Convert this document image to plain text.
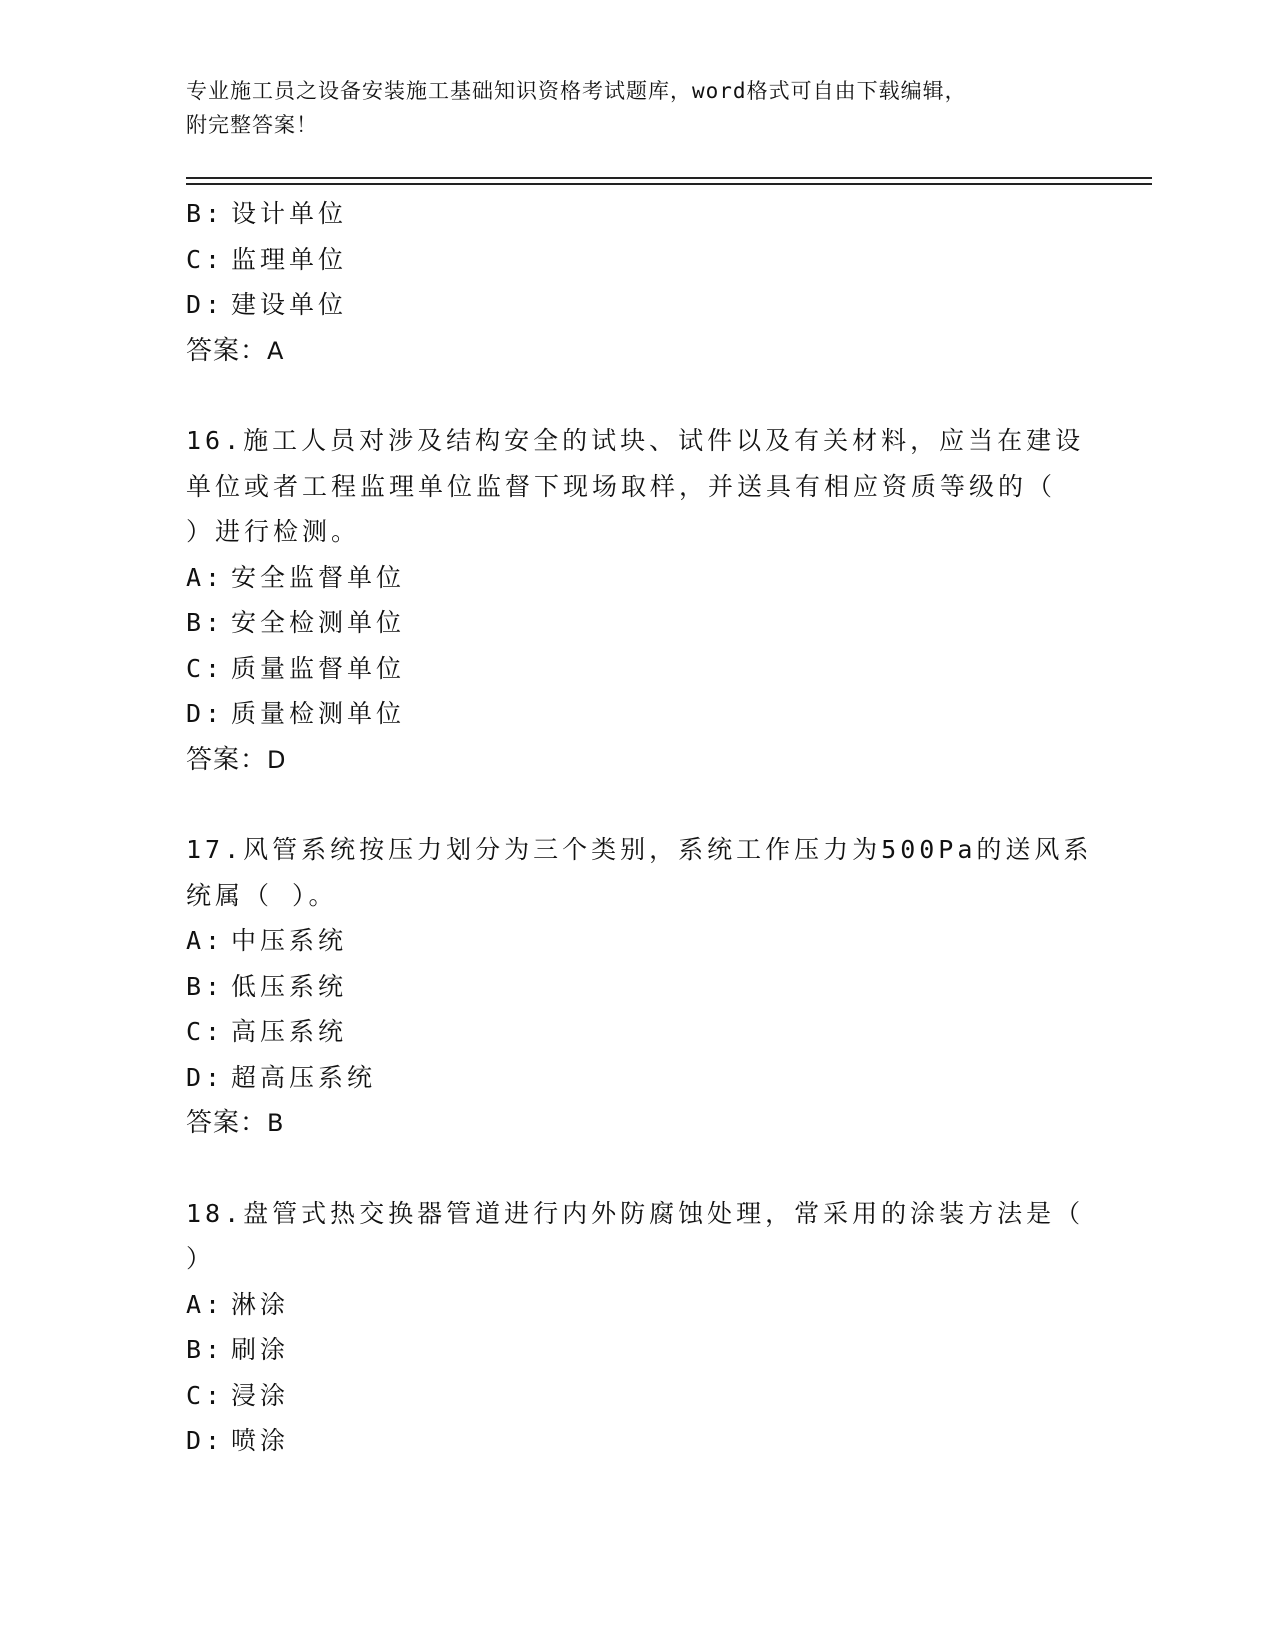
专业施工员之设备安装施工基础知识资格考试题库，word格式可自由下载编辑，
附完整答案！
B: 设计单位
C: 监理单位
D: 建设单位
答案：A
16.施工人员对涉及结构安全的试块、试件以及有关材料，应当在建设
单位或者工程监理单位监督下现场取样，并送具有相应资质等级的（
）进行检测。
A: 安全监督单位
B: 安全检测单位
C: 质量监督单位
D: 质量检测单位
答案：D
17.风管系统按压力划分为三个类别，系统工作压力为500Pa的送风系
统属（ ）。
A: 中压系统
B: 低压系统
C: 高压系统
D: 超高压系统
答案：B
18.盘管式热交换器管道进行内外防腐蚀处理，常采用的涂装方法是（
）
A: 淋涂
B: 刷涂
C: 浸涂
D: 喷涂
